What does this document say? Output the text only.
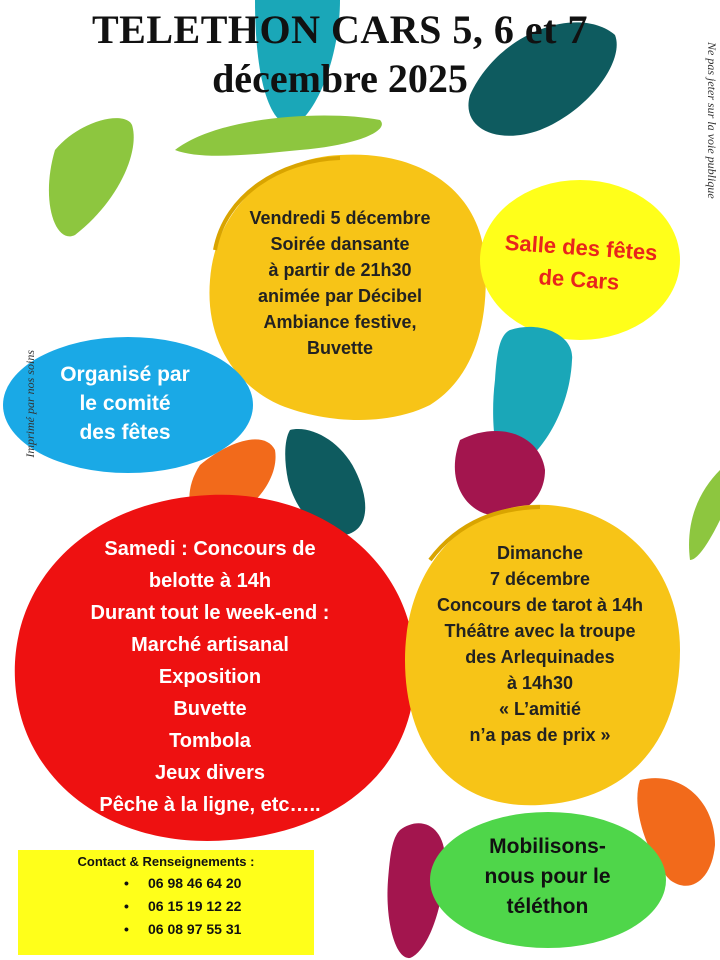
TELETHON CARS 5, 6 et 7
décembre 2025	Ne pas jeter sur la voie publique
Imprimé par nos soins
Vendredi 5 décembre
Soirée dansante
à partir de 21h30
animée par Décibel
Ambiance festive,
Buvette
Salle des fêtes
de Cars
Organisé par
le comité
des fêtes
Samedi : Concours de
belotte à 14h
Durant tout le week-end :
Marché artisanal
Exposition
Buvette
Tombola
Jeux divers
Pêche à la ligne, etc…..
Dimanche
7 décembre
Concours de tarot à 14h
Théâtre avec la troupe
des Arlequinades
à 14h30
« L’amitié
n’a pas de prix »
Mobilisons-
nous pour le
téléthon
Contact & Renseignements :
• 06 98 46 64 20
• 06 15 19 12 22
• 06 08 97 55 31
